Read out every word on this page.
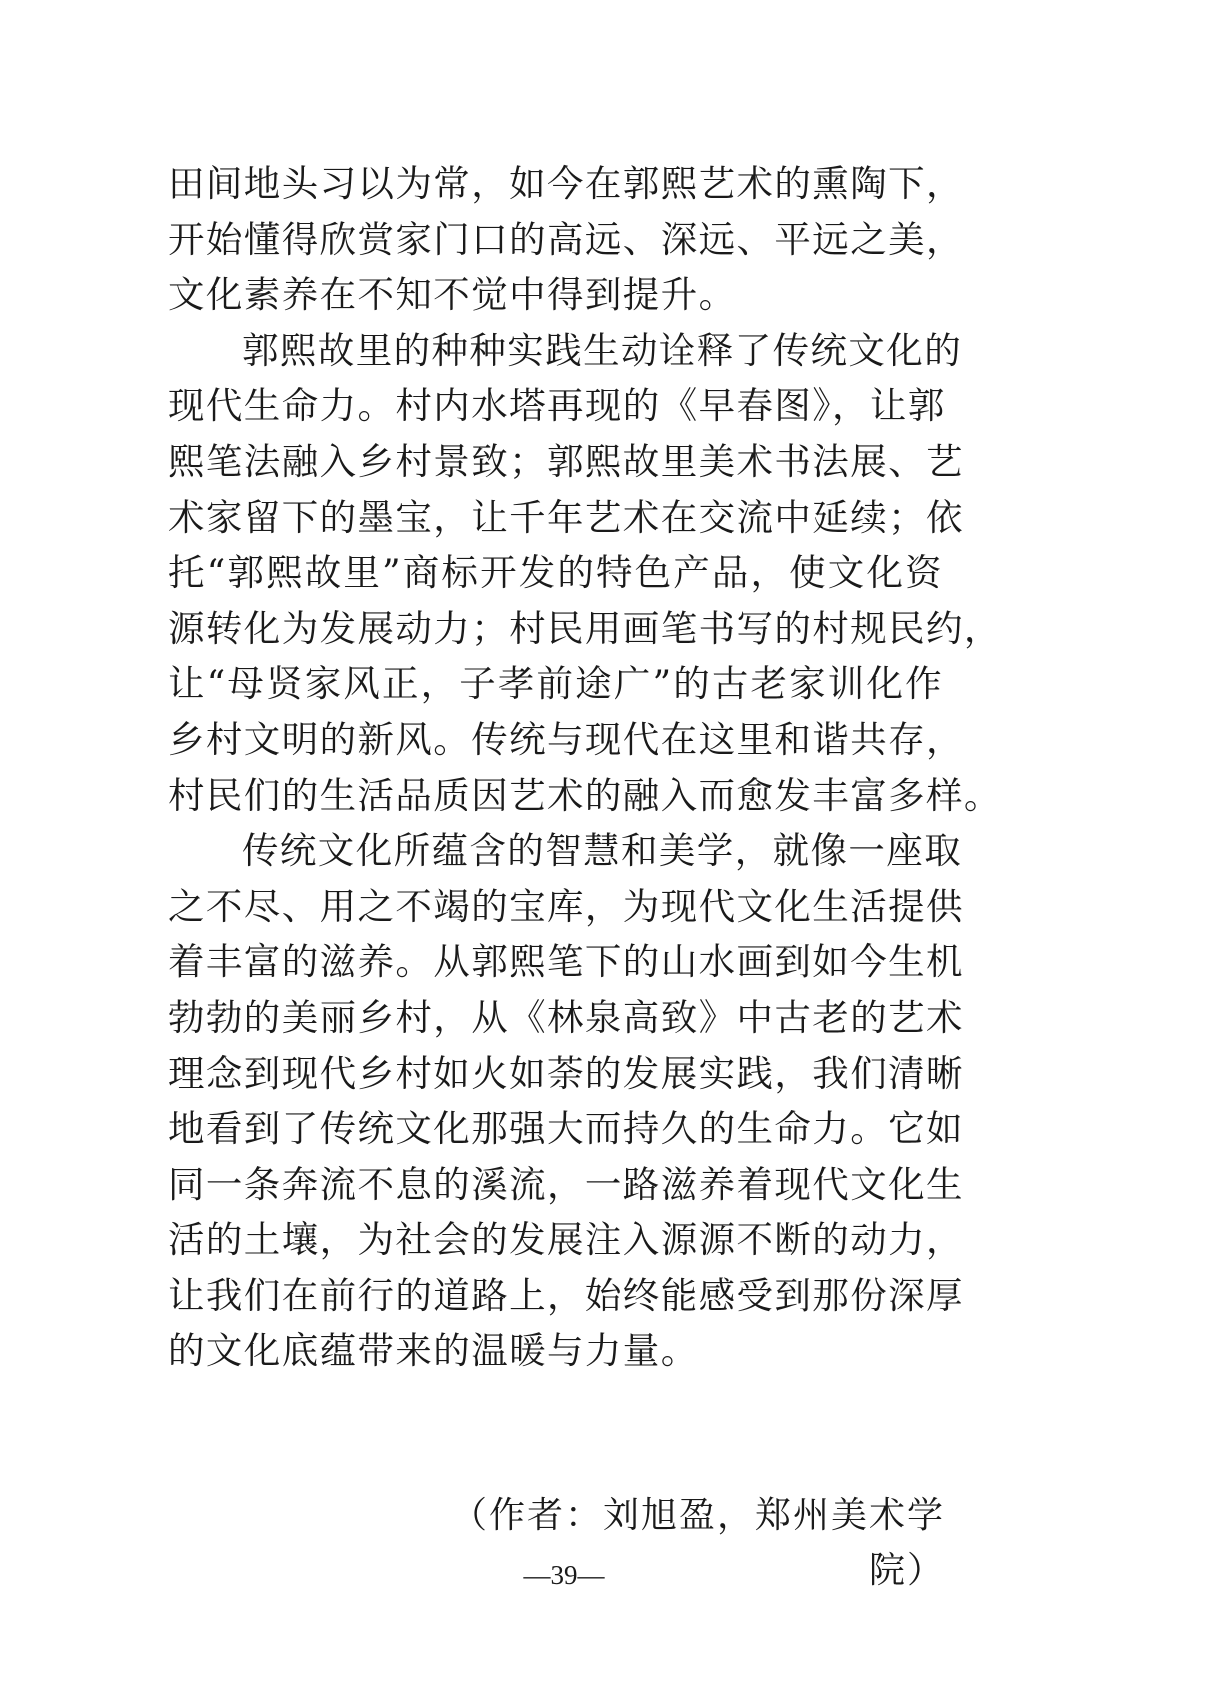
田间地头习以为常，如今在郭熙艺术的熏陶下，
开始懂得欣赏家门口的高远、深远、平远之美，
文化素养在不知不觉中得到提升。
郭熙故里的种种实践生动诠释了传统文化的
现代生命力。村内水塔再现的《早春图》，让郭
熙笔法融入乡村景致；郭熙故里美术书法展、艺
术家留下的墨宝，让千年艺术在交流中延续；依
托“郭熙故里”商标开发的特色产品，使文化资
源转化为发展动力；村民用画笔书写的村规民约，
让“母贤家风正，子孝前途广”的古老家训化作
乡村文明的新风。传统与现代在这里和谐共存，
村民们的生活品质因艺术的融入而愈发丰富多样。
传统文化所蕴含的智慧和美学，就像一座取
之不尽、用之不竭的宝库，为现代文化生活提供
着丰富的滋养。从郭熙笔下的山水画到如今生机
勃勃的美丽乡村，从《林泉高致》中古老的艺术
理念到现代乡村如火如荼的发展实践，我们清晰
地看到了传统文化那强大而持久的生命力。它如
同一条奔流不息的溪流，一路滋养着现代文化生
活的土壤，为社会的发展注入源源不断的动力，
让我们在前行的道路上，始终能感受到那份深厚
的文化底蕴带来的温暖与力量。
（作者：刘旭盈，郑州美术学院）
—39—
